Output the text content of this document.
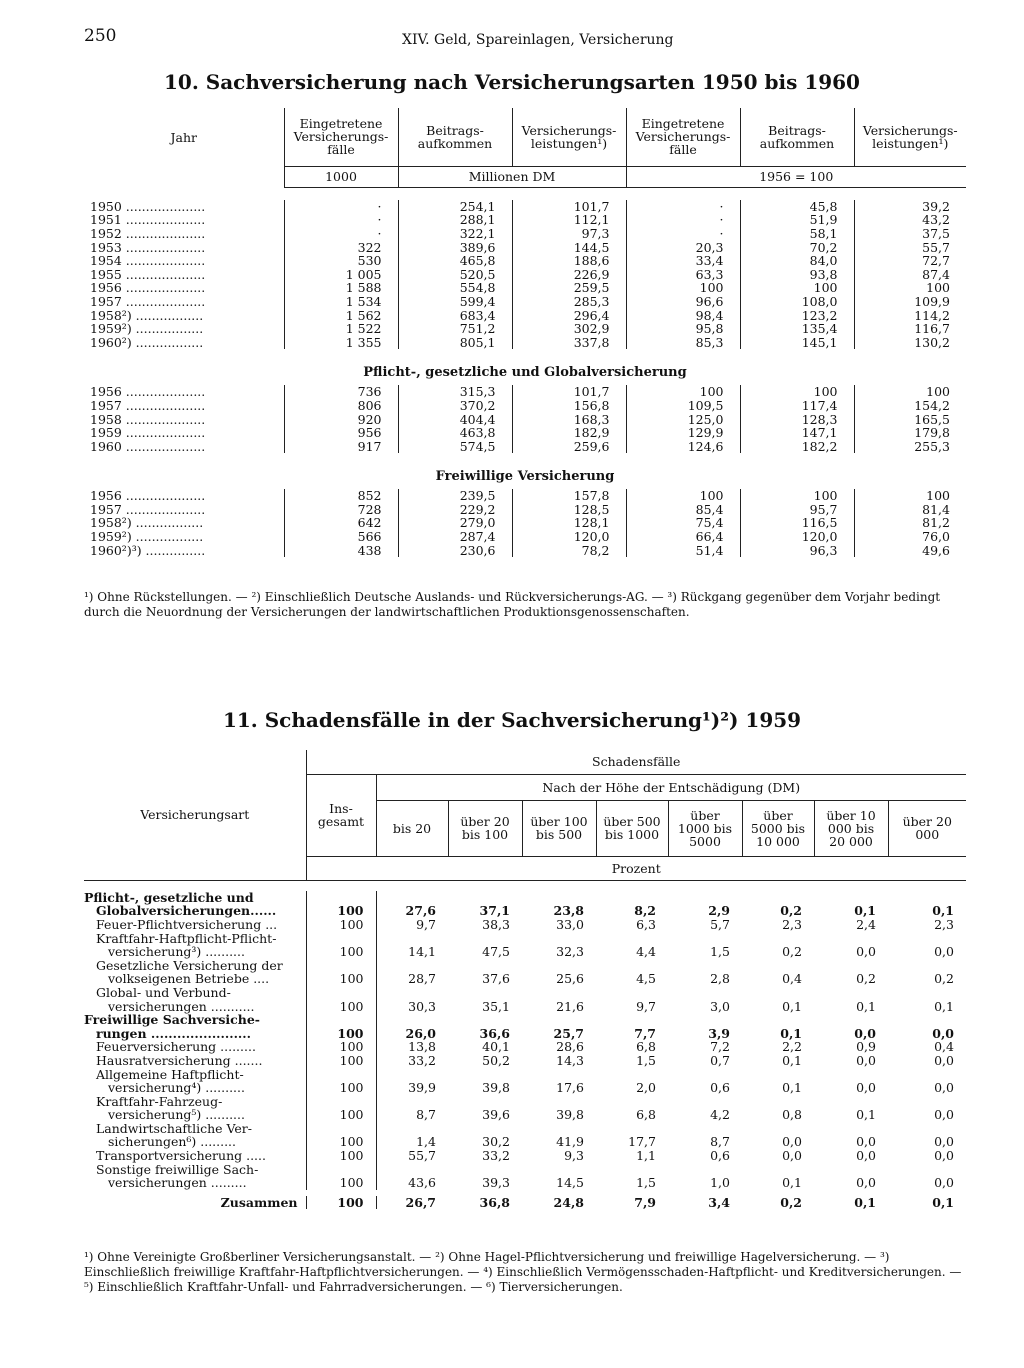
250	XIV. Geld, Spareinlagen, Versicherung
10. Sachversicherung nach Versicherungsarten 1950 bis 1960
Jahr	Eingetretene Versicherungs-fälle	Beitrags-aufkommen	Versicherungs-leistungen¹)	Eingetretene Versicherungs-fälle	Beitrags-aufkommen	Versicherungs-leistungen¹)
	1000	Millionen DM		1956 = 100		

1950 ....................	·	254,1	101,7	·	45,8	39,2
1951 ....................	·	288,1	112,1	·	51,9	43,2
1952 ....................	·	322,1	97,3	·	58,1	37,5
1953 ....................	322	389,6	144,5	20,3	70,2	55,7
1954 ....................	530	465,8	188,6	33,4	84,0	72,7
1955 ....................	1 005	520,5	226,9	63,3	93,8	87,4
1956 ....................	1 588	554,8	259,5	100	100	100
1957 ....................	1 534	599,4	285,3	96,6	108,0	109,9
1958²) .................	1 562	683,4	296,4	98,4	123,2	114,2
1959²) .................	1 522	751,2	302,9	95,8	135,4	116,7
1960²) .................	1 355	805,1	337,8	85,3	145,1	130,2
Pflicht-, gesetzliche und Globalversicherung						
1956 ....................	736	315,3	101,7	100	100	100
1957 ....................	806	370,2	156,8	109,5	117,4	154,2
1958 ....................	920	404,4	168,3	125,0	128,3	165,5
1959 ....................	956	463,8	182,9	129,9	147,1	179,8
1960 ....................	917	574,5	259,6	124,6	182,2	255,3
Freiwillige Versicherung						
1956 ....................	852	239,5	157,8	100	100	100
1957 ....................	728	229,2	128,5	85,4	95,7	81,4
1958²) .................	642	279,0	128,1	75,4	116,5	81,2
1959²) .................	566	287,4	120,0	66,4	120,0	76,0
1960²)³) ...............	438	230,6	78,2	51,4	96,3	49,6
¹) Ohne Rückstellungen. — ²) Einschließlich Deutsche Auslands- und Rückversicherungs-AG. — ³) Rückgang gegenüber dem Vorjahr bedingt durch die Neuordnung der Versicherungen der landwirtschaftlichen Produktionsgenossenschaften.
11. Schadensfälle in der Sachversicherung¹)²) 1959
Versicherungsart	Schadensfälle								
	Ins-gesamt	Nach der Höhe der Entschädigung (DM)							
		bis 20	über 20 bis 100	über 100 bis 500	über 500 bis 1000	über 1000 bis 5000	über 5000 bis 10 000	über 10 000 bis 20 000	über 20 000
	Prozent								

Pflicht-, gesetzliche und									
Globalversicherungen......	100	27,6	37,1	23,8	8,2	2,9	0,2	0,1	0,1
Feuer-Pflichtversicherung ...	100	9,7	38,3	33,0	6,3	5,7	2,3	2,4	2,3
Kraftfahr-Haftpflicht-Pflicht-									
versicherung³) ..........	100	14,1	47,5	32,3	4,4	1,5	0,2	0,0	0,0
Gesetzliche Versicherung der									
volkseigenen Betriebe ....	100	28,7	37,6	25,6	4,5	2,8	0,4	0,2	0,2
Global- und Verbund-									
versicherungen ...........	100	30,3	35,1	21,6	9,7	3,0	0,1	0,1	0,1
Freiwillige Sachversiche-									
rungen .......................	100	26,0	36,6	25,7	7,7	3,9	0,1	0,0	0,0
Feuerversicherung .........	100	13,8	40,1	28,6	6,8	7,2	2,2	0,9	0,4
Hausratversicherung .......	100	33,2	50,2	14,3	1,5	0,7	0,1	0,0	0,0
Allgemeine Haftpflicht-									
versicherung⁴) ..........	100	39,9	39,8	17,6	2,0	0,6	0,1	0,0	0,0
Kraftfahr-Fahrzeug-									
versicherung⁵) ..........	100	8,7	39,6	39,8	6,8	4,2	0,8	0,1	0,0
Landwirtschaftliche Ver-									
sicherungen⁶) .........	100	1,4	30,2	41,9	17,7	8,7	0,0	0,0	0,0
Transportversicherung .....	100	55,7	33,2	9,3	1,1	0,6	0,0	0,0	0,0
Sonstige freiwillige Sach-									
versicherungen .........	100	43,6	39,3	14,5	1,5	1,0	0,1	0,0	0,0

Zusammen	100	26,7	36,8	24,8	7,9	3,4	0,2	0,1	0,1
¹) Ohne Vereinigte Großberliner Versicherungsanstalt. — ²) Ohne Hagel-Pflichtversicherung und freiwillige Hagelversicherung. — ³) Einschließlich freiwillige Kraftfahr-Haftpflichtversicherungen. — ⁴) Einschließlich Vermögensschaden-Haftpflicht- und Kreditversicherungen. — ⁵) Einschließlich Kraftfahr-Unfall- und Fahrradversicherungen. — ⁶) Tierversicherungen.
